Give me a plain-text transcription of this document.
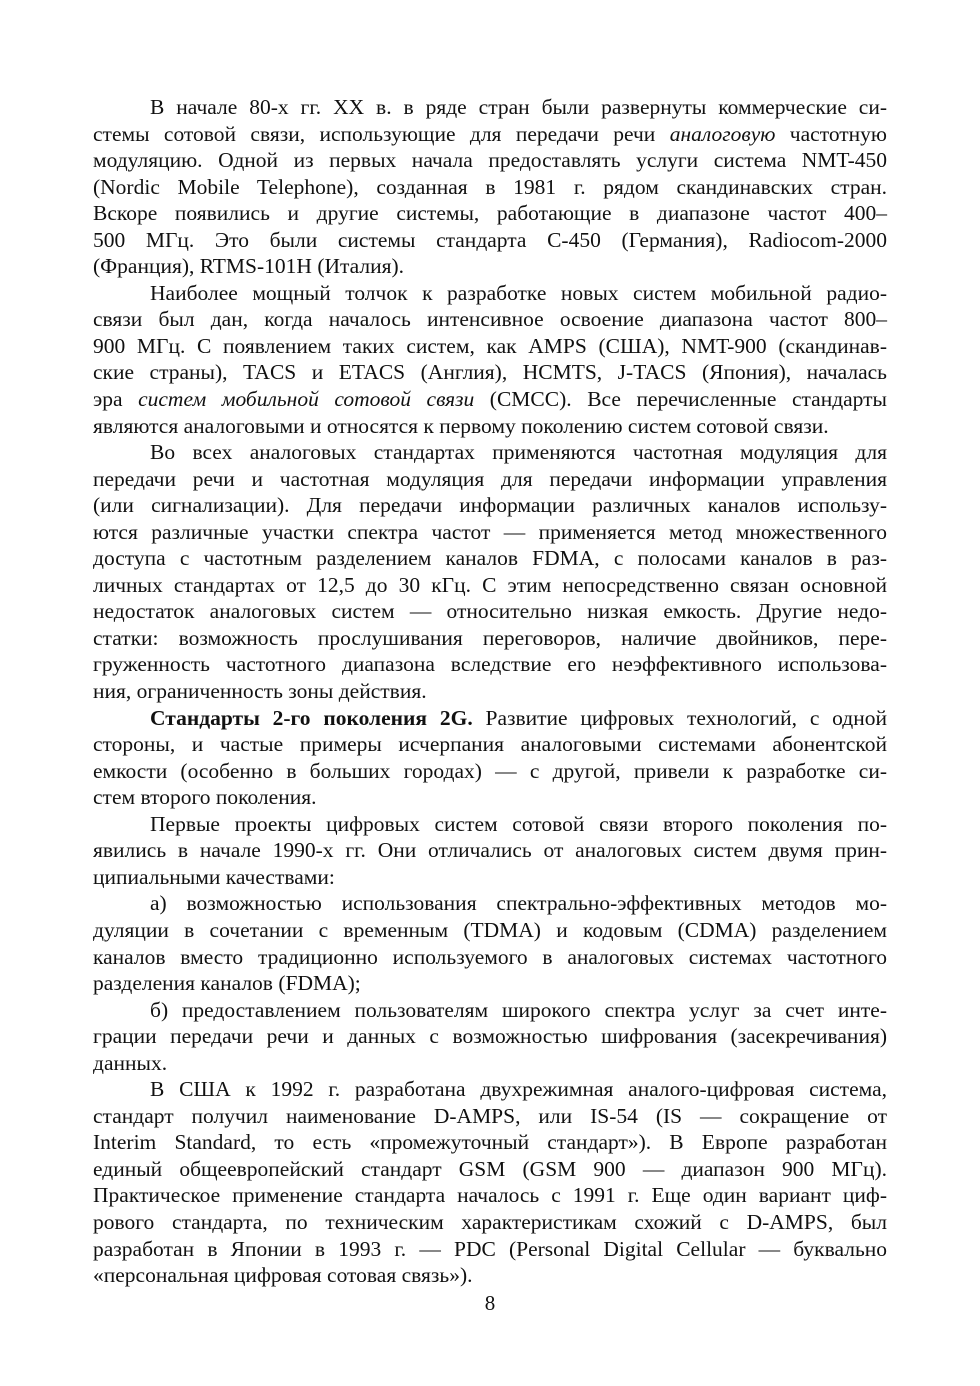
В начале 80-х гг. XX в. в ряде стран были развернуты коммерческие си-
стемы сотовой связи, использующие для передачи речи аналоговую частотную
модуляцию. Одной из первых начала предоставлять услуги система NMT-450
(Nordic Mobile Telephone), созданная в 1981 г. рядом скандинавских стран.
Вскоре появились и другие системы, работающие в диапазоне частот 400–
500 МГц. Это были системы стандарта С-450 (Германия), Radiocom-2000
(Франция), RTMS-101H (Италия).
Наиболее мощный толчок к разработке новых систем мобильной радио-
связи был дан, когда началось интенсивное освоение диапазона частот 800–
900 МГц. С появлением таких систем, как AMPS (США), NMT-900 (скандинав-
ские страны), TACS и ETACS (Англия), HCMTS, J-TACS (Япония), началась
эра систем мобильной сотовой связи (СМСС). Все перечисленные стандарты
являются аналоговыми и относятся к первому поколению систем сотовой связи.
Во всех аналоговых стандартах применяются частотная модуляция для
передачи речи и частотная модуляция для передачи информации управления
(или сигнализации). Для передачи информации различных каналов использу-
ются различные участки спектра частот — применяется метод множественного
доступа с частотным разделением каналов FDMA, с полосами каналов в раз-
личных стандартах от 12,5 до 30 кГц. С этим непосредственно связан основной
недостаток аналоговых систем — относительно низкая емкость. Другие недо-
статки: возможность прослушивания переговоров, наличие двойников, пере-
груженность частотного диапазона вследствие его неэффективного использова-
ния, ограниченность зоны действия.
Стандарты 2-го поколения 2G. Развитие цифровых технологий, с одной
стороны, и частые примеры исчерпания аналоговыми системами абонентской
емкости (особенно в больших городах) — с другой, привели к разработке си-
стем второго поколения.
Первые проекты цифровых систем сотовой связи второго поколения по-
явились в начале 1990-х гг. Они отличались от аналоговых систем двумя прин-
ципиальными качествами:
а) возможностью использования спектрально-эффективных методов мо-
дуляции в сочетании с временным (TDMA) и кодовым (CDMA) разделением
каналов вместо традиционно используемого в аналоговых системах частотного
разделения каналов (FDMA);
б) предоставлением пользователям широкого спектра услуг за счет инте-
грации передачи речи и данных с возможностью шифрования (засекречивания)
данных.
В США к 1992 г. разработана двухрежимная аналого-цифровая система,
стандарт получил наименование D-AMPS, или IS-54 (IS — сокращение от
Interim Standard, то есть «промежуточный стандарт»). В Европе разработан
единый общеевропейский стандарт GSM (GSM 900 — диапазон 900 МГц).
Практическое применение стандарта началось с 1991 г. Еще один вариант циф-
рового стандарта, по техническим характеристикам схожий с D-AMPS, был
разработан в Японии в 1993 г. — PDC (Personal Digital Cellular — буквально
«персональная цифровая сотовая связь»).
8
